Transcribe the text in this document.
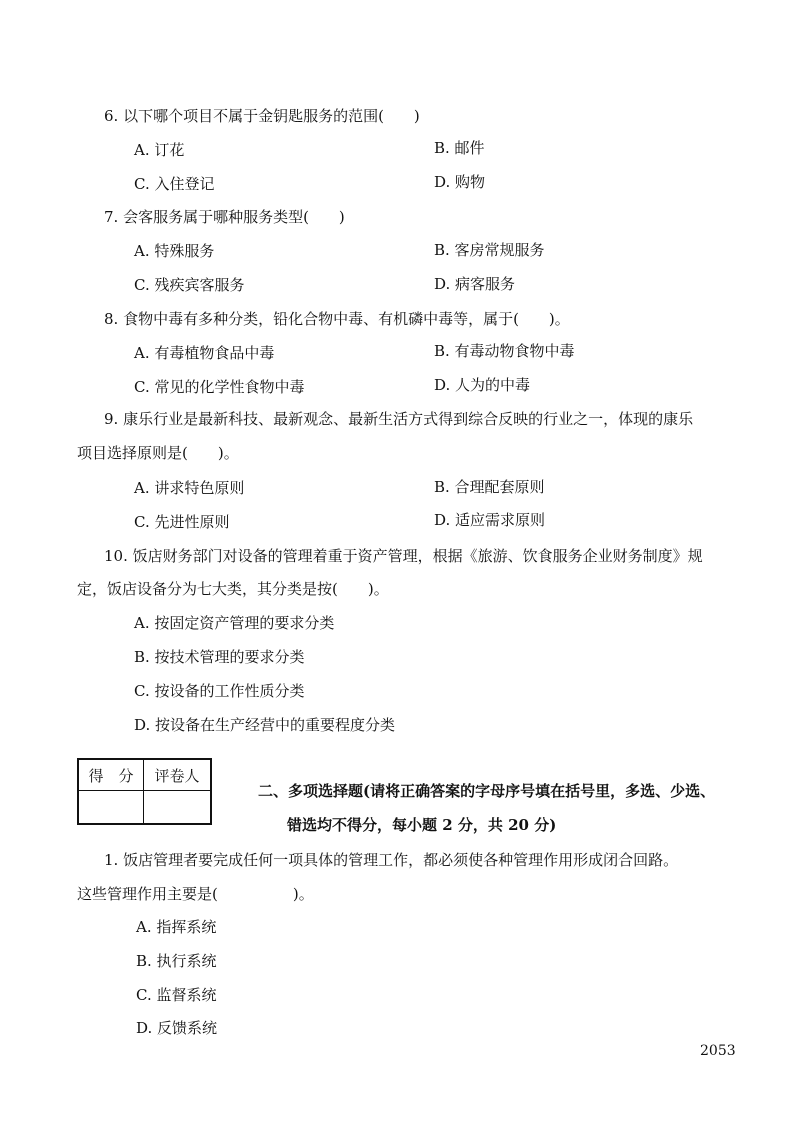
6. 以下哪个项目不属于金钥匙服务的范围(　　)
A. 订花	B. 邮件
C. 入住登记	D. 购物
7. 会客服务属于哪种服务类型(　　)
A. 特殊服务	B. 客房常规服务
C. 残疾宾客服务	D. 病客服务
8. 食物中毒有多种分类，铅化合物中毒、有机磷中毒等，属于(　　)。
A. 有毒植物食品中毒	B. 有毒动物食物中毒
C. 常见的化学性食物中毒	D. 人为的中毒
9. 康乐行业是最新科技、最新观念、最新生活方式得到综合反映的行业之一，体现的康乐
项目选择原则是(　　)。
A. 讲求特色原则	B. 合理配套原则
C. 先进性原则	D. 适应需求原则
10. 饭店财务部门对设备的管理着重于资产管理，根据《旅游、饮食服务企业财务制度》规
定，饭店设备分为七大类，其分类是按(　　)。
A. 按固定资产管理的要求分类
B. 按技术管理的要求分类
C. 按设备的工作性质分类
D. 按设备在生产经营中的重要程度分类
得　分	评卷人

二、多项选择题(请将正确答案的字母序号填在括号里，多选、少选、
错选均不得分，每小题 2 分，共 20 分)
1. 饭店管理者要完成任何一项具体的管理工作，都必须使各种管理作用形成闭合回路。
这些管理作用主要是(　　　　　)。
A. 指挥系统
B. 执行系统
C. 监督系统
D. 反馈系统
2053
